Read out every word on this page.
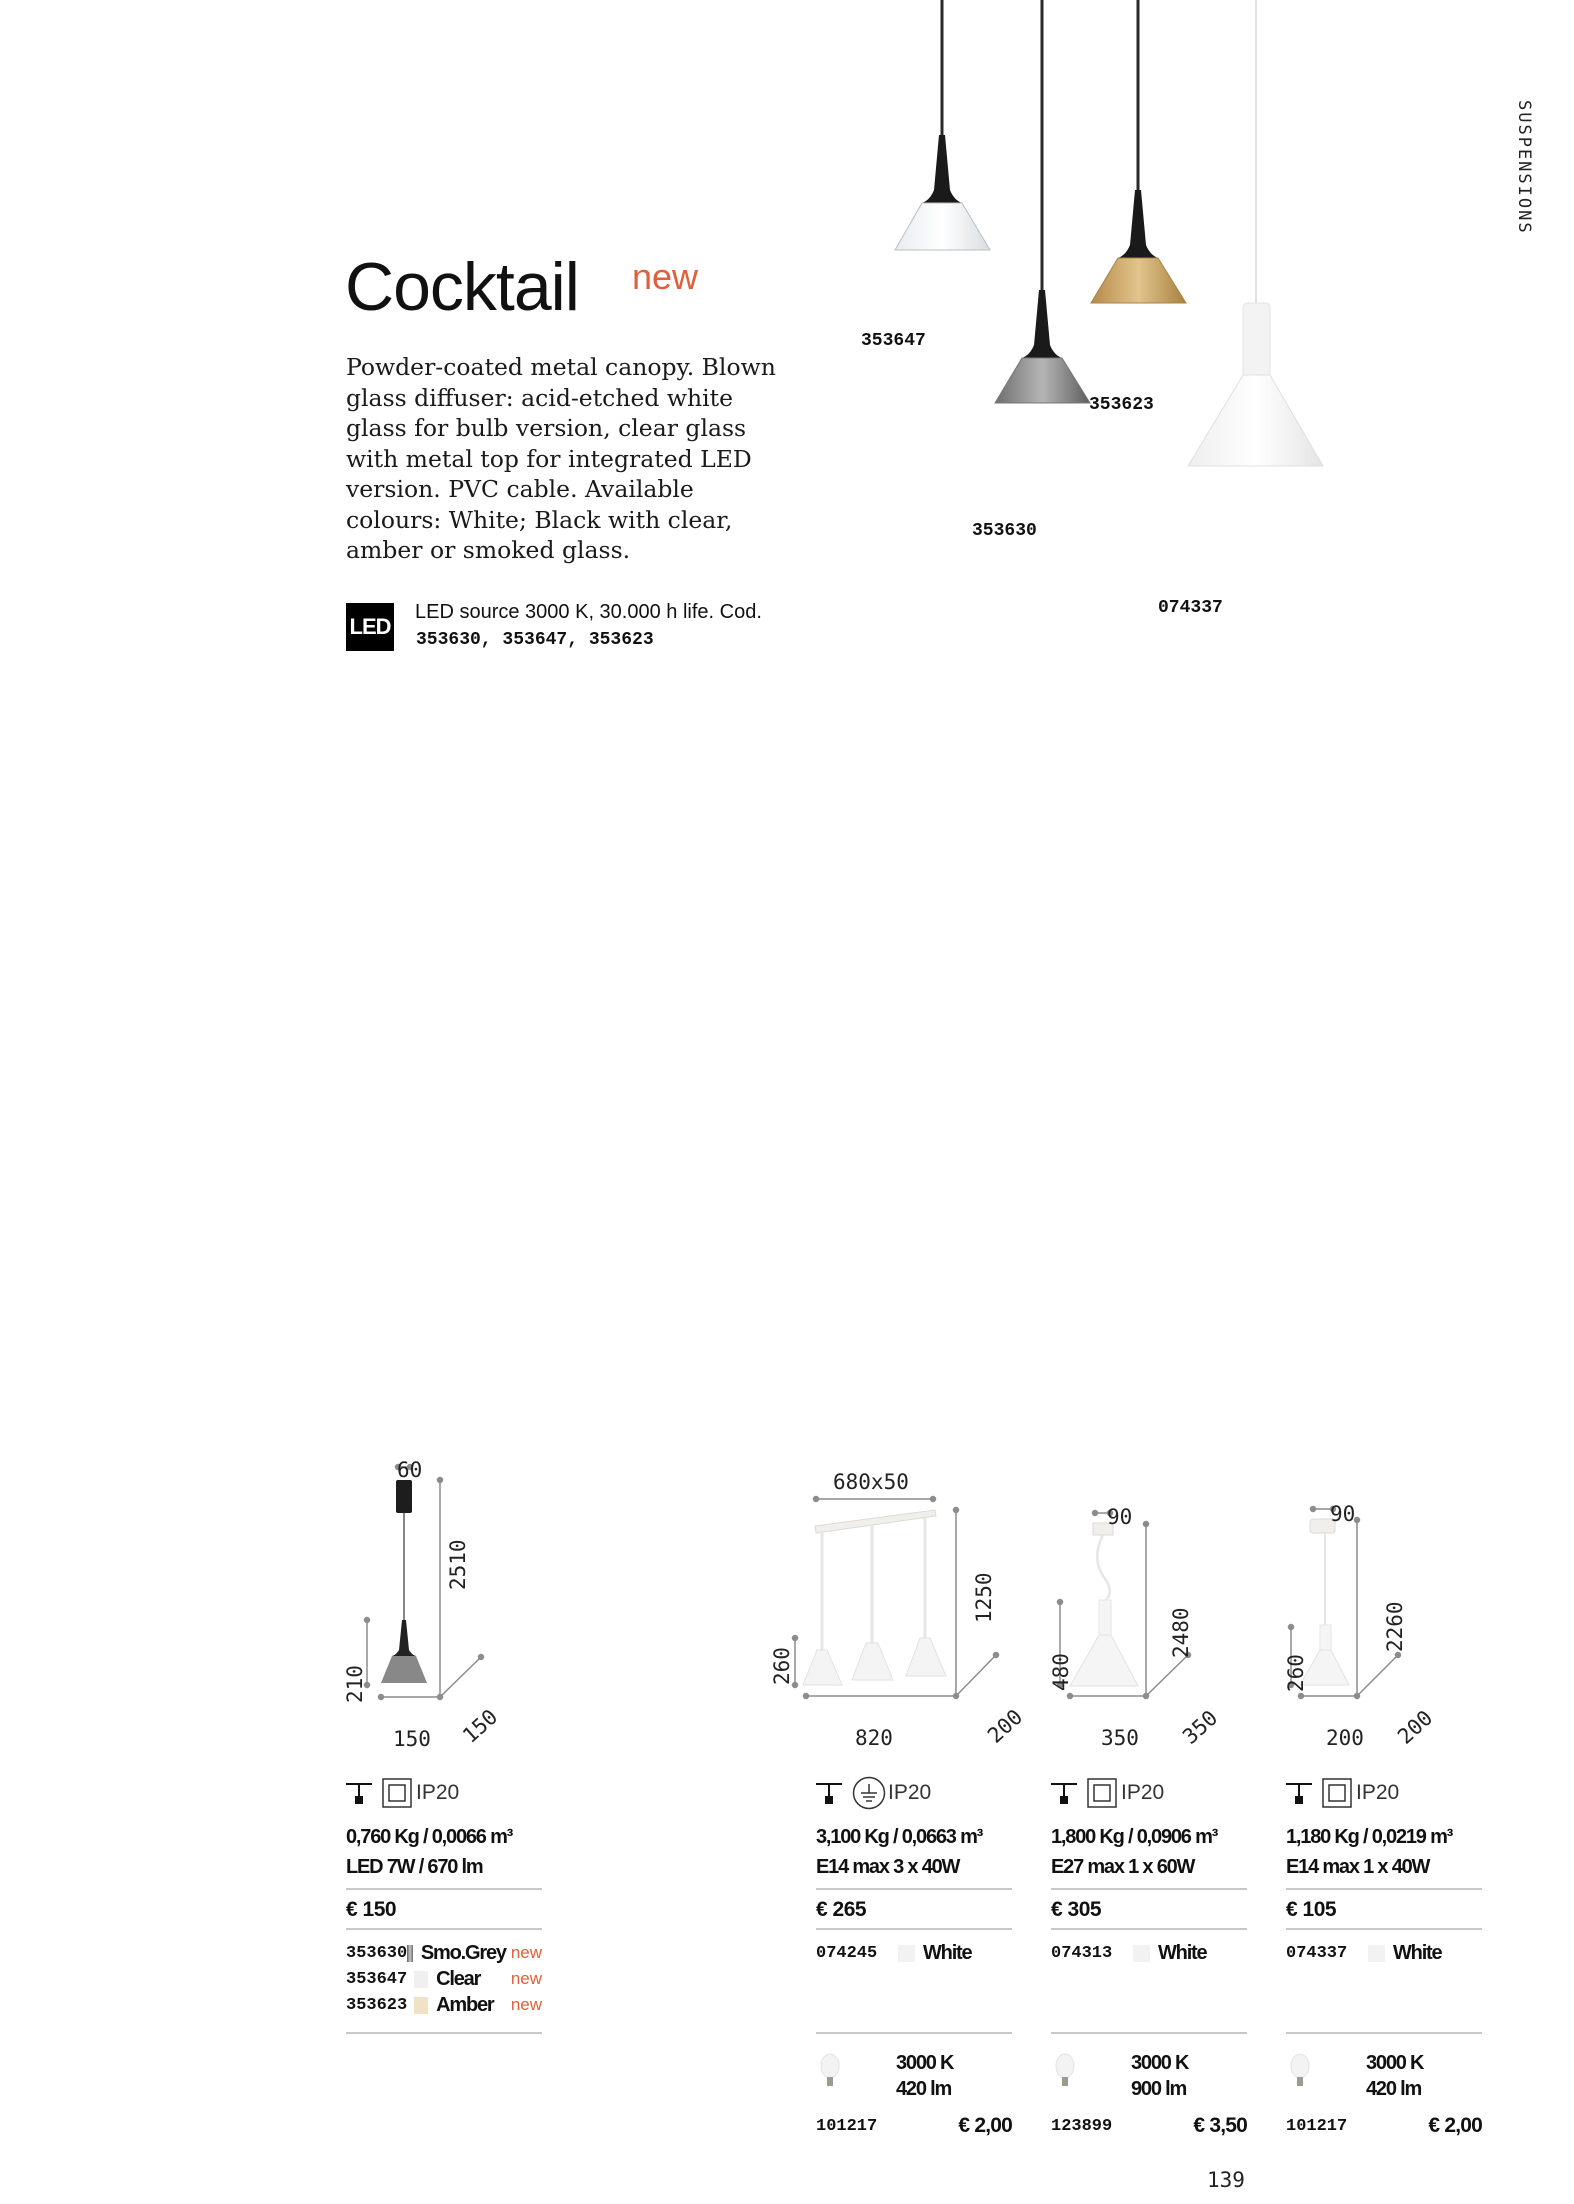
Cocktail new
SUSPENSIONS
Powder-coated metal canopy. Blown glass diffuser: acid-etched white glass for bulb version, clear glass with metal top for integrated LED version. PVC cable. Available colours: White; Black with clear, amber or smoked glass.
LED
LED source 3000 K, 30.000 h life. Cod.
353630, 353647, 353623
353647
353623
353630
074337
60
2510
210
150 150
680x50
1250
260
820	200
90
2480
480
350 350
90
2260
260
200 200
IP20
0,760 Kg / 0,0066 m³
LED 7W / 670 lm
€ 150
353630 Smo.Grey new
353647	Clear	new
353623	Amber	new
IP20
3,100 Kg / 0,0663 m³
E14 max 3 x 40W
€ 265
074245	White
3000 K
420 lm
101217	€ 2,00
IP20
1,800 Kg / 0,0906 m³
E27 max 1 x 60W
€ 305
074313	White
3000 K
900 lm
123899	€ 3,50
IP20
1,180 Kg / 0,0219 m³
E14 max 1 x 40W
€ 105
074337	White
3000 K
420 lm
101217	€ 2,00
139
